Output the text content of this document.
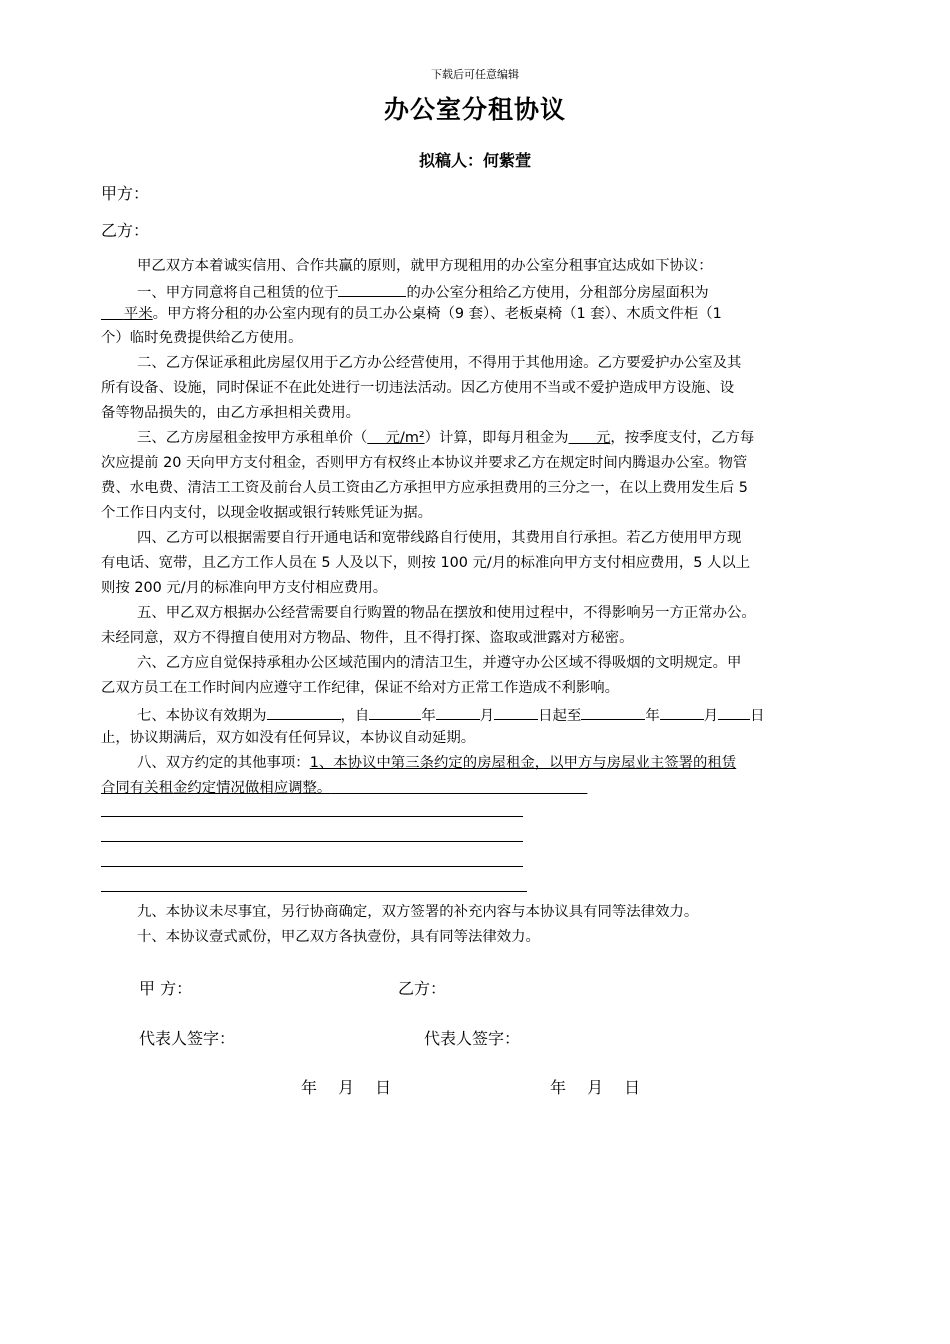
下载后可任意编辑
办公室分租协议
拟稿人：何紫萱
甲方：
乙方：
甲乙双方本着诚实信用、合作共赢的原则，就甲方现租用的办公室分租事宜达成如下协议：
一、甲方同意将自己租赁的位于	的办公室分租给乙方使用，分租部分房屋面积为
平米。甲方将分租的办公室内现有的员工办公桌椅（9 套）、老板桌椅（1 套）、木质文件柜（1
个）临时免费提供给乙方使用。
二、乙方保证承租此房屋仅用于乙方办公经营使用，不得用于其他用途。乙方要爱护办公室及其
所有设备、设施，同时保证不在此处进行一切违法活动。因乙方使用不当或不爱护造成甲方设施、设
备等物品损失的，由乙方承担相关费用。
三、乙方房屋租金按甲方承租单价（ 元/m²）计算，即每月租金为 元，按季度支付，乙方每
次应提前 20 天向甲方支付租金，否则甲方有权终止本协议并要求乙方在规定时间内腾退办公室。物管
费、水电费、清洁工工资及前台人员工资由乙方承担甲方应承担费用的三分之一，在以上费用发生后 5
个工作日内支付，以现金收据或银行转账凭证为据。
四、乙方可以根据需要自行开通电话和宽带线路自行使用，其费用自行承担。若乙方使用甲方现
有电话、宽带，且乙方工作人员在 5 人及以下，则按 100 元/月的标准向甲方支付相应费用，5 人以上
则按 200 元/月的标准向甲方支付相应费用。
五、甲乙双方根据办公经营需要自行购置的物品在摆放和使用过程中，不得影响另一方正常办公。
未经同意，双方不得擅自使用对方物品、物件，且不得打探、盗取或泄露对方秘密。
六、乙方应自觉保持承租办公区域范围内的清洁卫生，并遵守办公区域不得吸烟的文明规定。甲
乙双方员工在工作时间内应遵守工作纪律，保证不给对方正常工作造成不利影响。
七、本协议有效期为	，自	年	月	日起至	年	月 日
止，协议期满后，双方如没有任何异议，本协议自动延期。
八、双方约定的其他事项：1、本协议中第三条约定的房屋租金，以甲方与房屋业主签署的租赁
合同有关租金约定情况做相应调整。
九、本协议未尽事宜，另行协商确定，双方签署的补充内容与本协议具有同等法律效力。
十、本协议壹式贰份，甲乙双方各执壹份，具有同等法律效力。
甲 方：	乙方：
代表人签字：	代表人签字：
年　 月　 日	年　 月　 日
